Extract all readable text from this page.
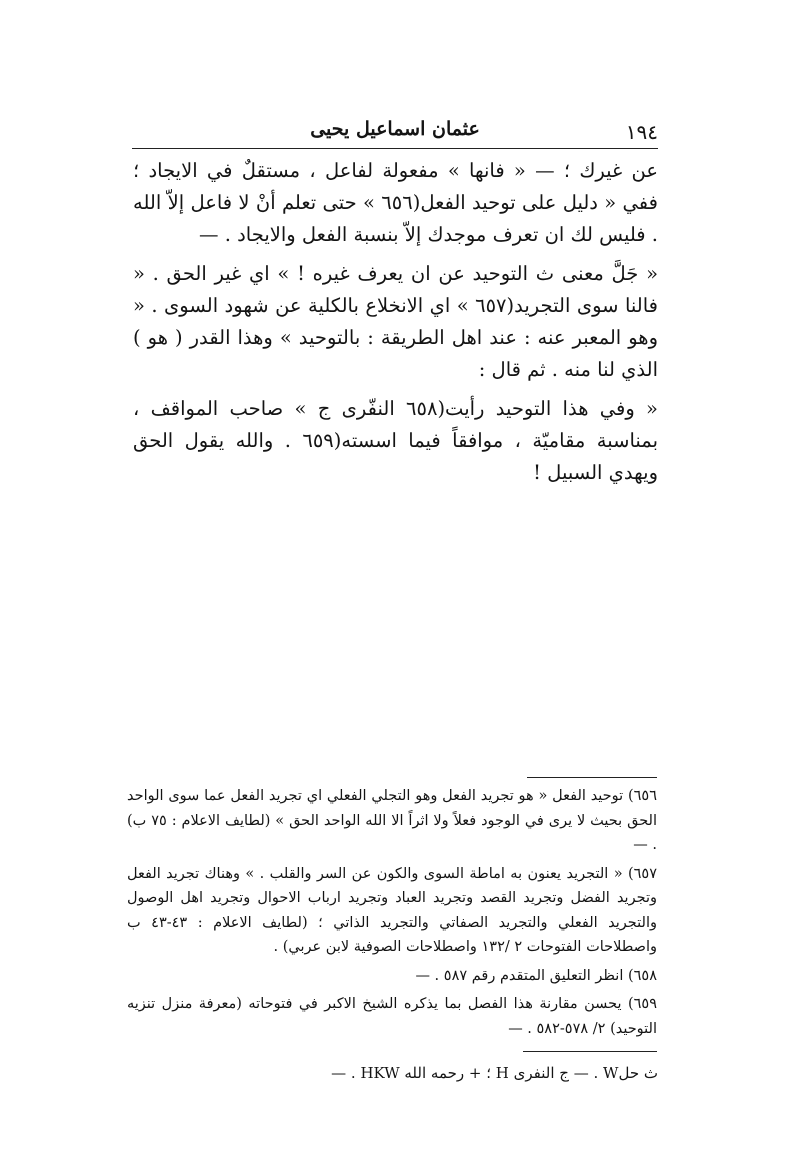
١٩٤
عثمان اسماعيل يحيى

عن غيرك ؛ — « فانها » مفعولة لفاعل ، مستقلٌ في الايجاد ؛ ففي « دليل على توحيد الفعل(٦٥٦ » حتى تعلم أنْ لا فاعل إلاّ الله . فليس لك ان تعرف موجدك إلاّ بنسبة الفعل والايجاد . —

« جَلَّ معنى ث التوحيد عن ان يعرف غيره ! » اي غير الحق . « فالنا سوى التجريد(٦٥٧ » اي الانخلاع بالكلية عن شهود السوى . « وهو المعبر عنه : عند اهل الطريقة : بالتوحيد » وهذا القدر ( هو ) الذي لنا منه . ثم قال :

« وفي هذا التوحيد رأيت(٦٥٨ النفّرى ج » صاحب المواقف ، بمناسبة مقاميّة ، موافقاً فيما اسسته(٦٥٩ . والله يقول الحق ويهدي السبيل !

٦٥٦) توحيد الفعل « هو تجريد الفعل وهو التجلي الفعلي اي تجريد الفعل عما سوى الواحد الحق بحيث لا يرى في الوجود فعلاً ولا اثراً الا الله الواحد الحق » (لطايف الاعلام : ٧٥ ب) . —

٦٥٧) « التجريد يعنون به اماطة السوى والكون عن السر والقلب . » وهناك تجريد الفعل وتجريد الفضل وتجريد القصد وتجريد العباد وتجريد ارباب الاحوال وتجريد اهل الوصول والتجريد الفعلي والتجريد الصفاتي والتجريد الذاتي ؛ (لطايف الاعلام : ٤٣-٤٣ ب واصطلاحات الفتوحات ٢ /١٣٢ واصطلاحات الصوفية لابن عربي) .

٦٥٨) انظر التعليق المتقدم رقم ٥٨٧ . —

٦٥٩) يحسن مقارنة هذا الفصل بما يذكره الشيخ الاكبر في فتوحاته (معرفة منزل تنزيه التوحيد) ٢/ ٥٧٨-٥٨٢ . —

ث حلW . — ج النفرى H ؛ + رحمه الله HKW . —
